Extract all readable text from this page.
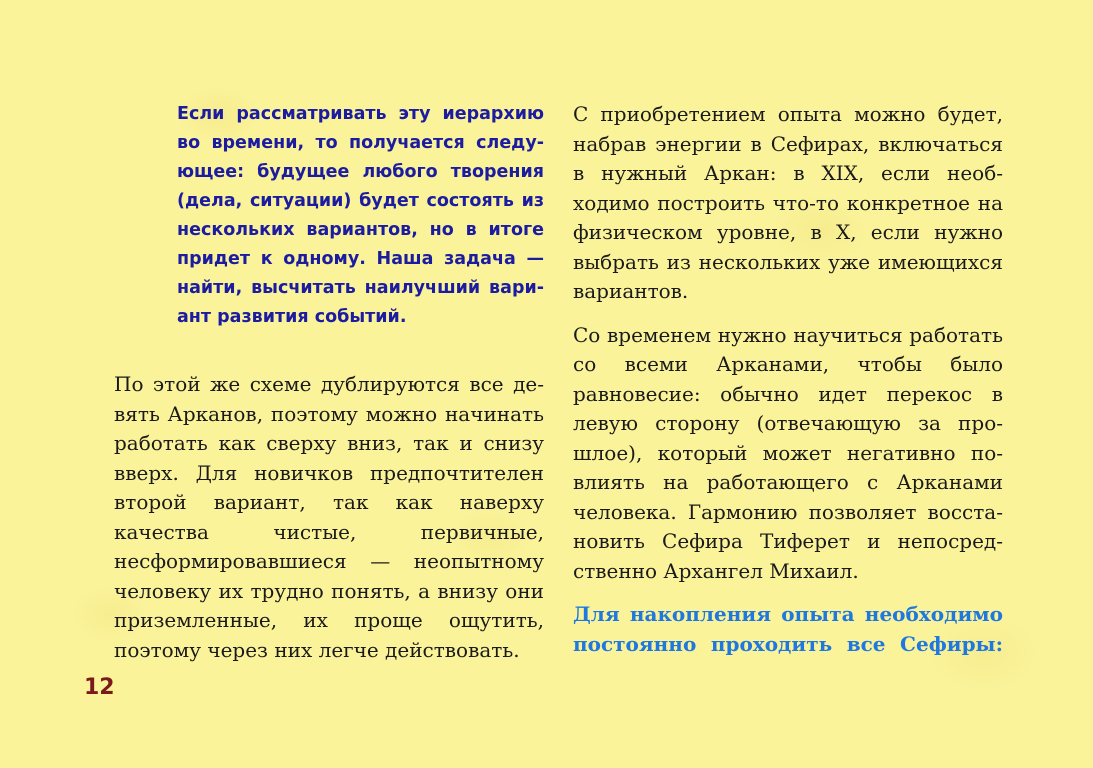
Если рассматривать эту иерархию во времени, то получается следующее: будущее любого творения (дела, ситуации) будет состоять из нескольких вариантов, но в итоге придет к одному. Наша задача — найти, высчитать наилучший вариант развития событий.

По этой же схеме дублируются все девять Арканов, поэтому можно начинать работать как сверху вниз, так и снизу вверх. Для новичков предпочтителен второй вариант, так как наверху качества чистые, первичные, несформировавшиеся — неопытному человеку их трудно понять, а внизу они приземленные, их проще ощутить, поэтому через них легче действовать.

С приобретением опыта можно будет, набрав энергии в Сефирах, включаться в нужный Аркан: в XIX, если необходимо построить что-то конкретное на физическом уровне, в X, если нужно выбрать из нескольких уже имеющихся вариантов.

Со временем нужно научиться работать со всеми Арканами, чтобы было равновесие: обычно идет перекос в левую сторону (отвечающую за прошлое), который может негативно повлиять на работающего с Арканами человека. Гармонию позволяет восстановить Сефира Тиферет и непосредственно Архангел Михаил.

Для накопления опыта необходимо постоянно проходить все Сефиры:

12
